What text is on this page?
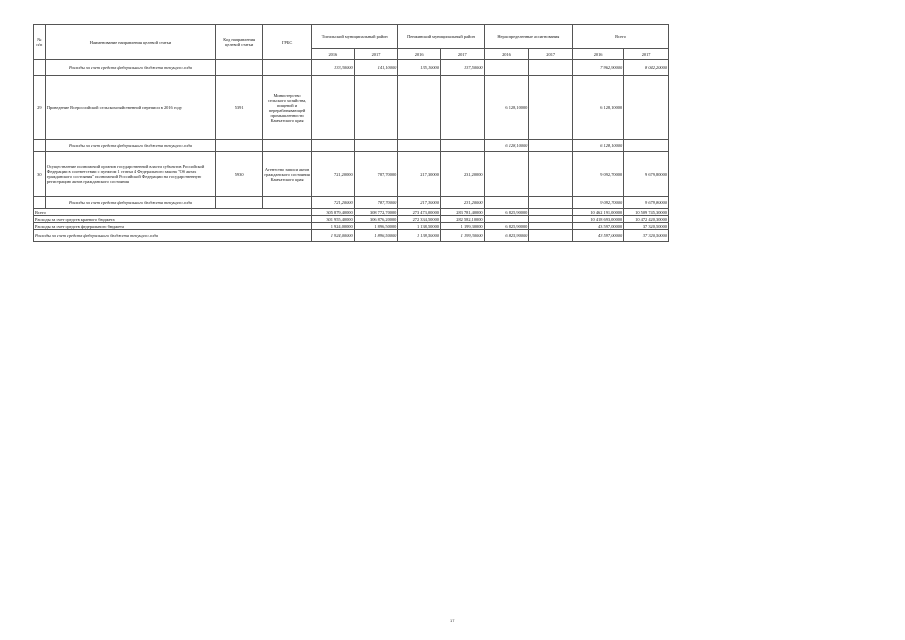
№ п/п	Наименование направления целевой статьи	Код направления целевой статьи	ГРБС	Тигильский муниципальный район		Пенжинский муниципальный район		Нераспределенные ассигнования		Всего	
				2016	2017	2016	2017	2016	2017	2016	2017
	Расходы за счет средств федерального бюджета текущего года			133,30000	141,10000	135,10000	137,50000			7 962,90000	8 042,20000
29	Проведение Всероссийской сельскохозяйственной переписи в 2016 году	5391	Министерство сельского хозяйства, пищевой и перерабатывающей промышленности Камчатского края					6 128,10000		6 128,10000	
	Расходы за счет средств федерального бюджета текущего года							6 128,10000		6 128,10000	
30	Осуществление полномочий органов государственной власти субъектов Российской Федерации в соответствии с пунктом 1 статьи 4 Федерального закона "Об актах гражданского состояния" полномочий Российской Федерации на государственную регистрацию актов гражданского состояния	5930	Агентство записи актов гражданского состояния Камчатского края	721,20000	787,70000	217,30000	231,20000			9 092,70000	9 679,80000
	Расходы за счет средств федерального бюджета текущего года			721,20000	787,70000	217,30000	231,20000			9 092,70000	9 679,80000
Всего				305 879,40000	308 772,70000	273 473,00000	283 781,40000	6 825,90000		10 462 191,00000	10 509 745,30000
Расходы за счет средств краевого бюджета				301 955,40000	306 876,20000	272 334,50000	282 582,10000			10 418 693,00000	10 472 420,30000
Расходы за счет средств федерального бюджета				1 924,00000	1 896,50000	1 138,50000	1 199,30000	6 825,90000		43 597,00000	37 320,50000
Расходы за счет средств федерального бюджета текущего года				1 924,00000	1 896,50000	1 138,50000	1 199,30000	6 825,90000		43 597,00000	37 320,50000
17
